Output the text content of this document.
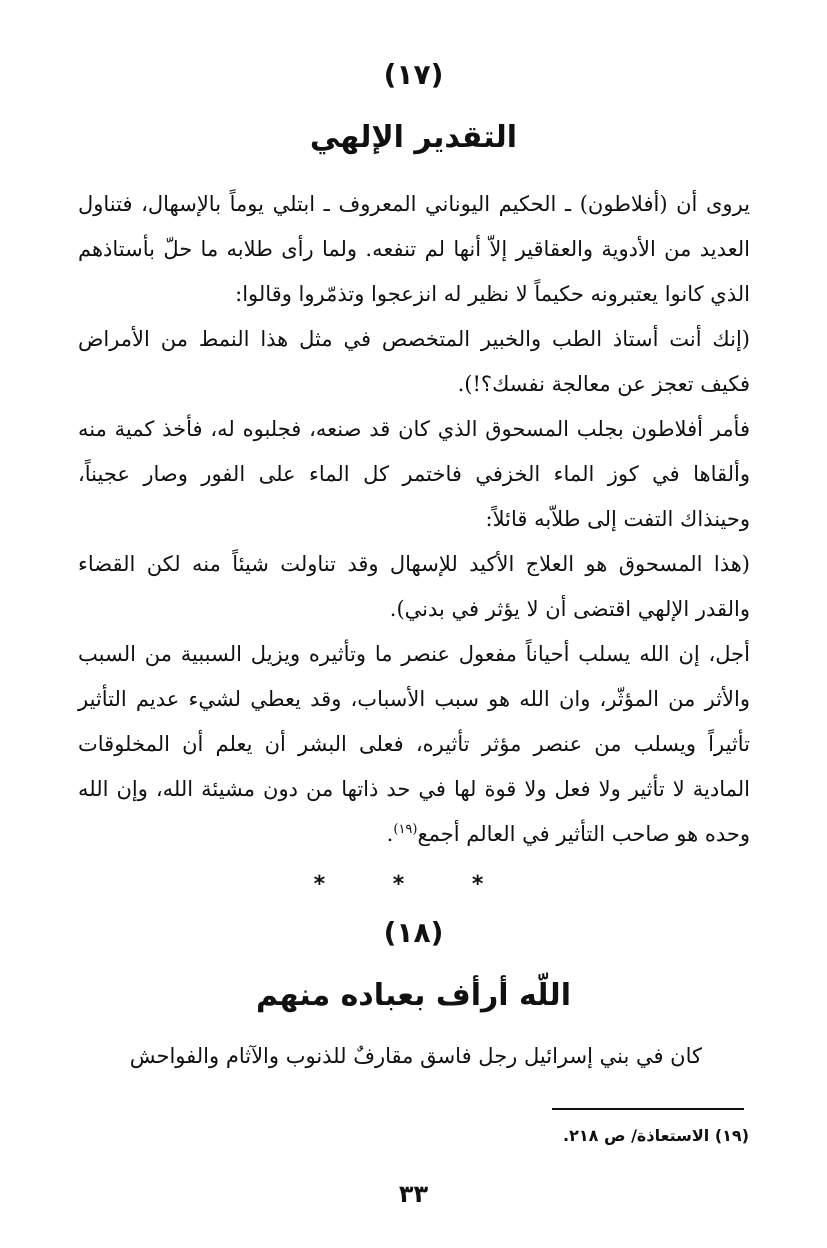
(١٧)
التقدير الإلهي

يروى أن (أفلاطون) ـ الحكيم اليوناني المعروف ـ ابتلي يوماً بالإسهال، فتناول العديد من الأدوية والعقاقير إلاّ أنها لم تنفعه. ولما رأى طلابه ما حلّ بأستاذهم الذي كانوا يعتبرونه حكيماً لا نظير له انزعجوا وتذمّروا وقالوا:

(إنك أنت أستاذ الطب والخبير المتخصص في مثل هذا النمط من الأمراض فكيف تعجز عن معالجة نفسك؟!).

فأمر أفلاطون بجلب المسحوق الذي كان قد صنعه، فجلبوه له، فأخذ كمية منه وألقاها في كوز الماء الخزفي فاختمر كل الماء على الفور وصار عجيناً، وحينذاك التفت إلى طلاّبه قائلاً:

(هذا المسحوق هو العلاج الأكيد للإسهال وقد تناولت شيئاً منه لكن القضاء والقدر الإلهي اقتضى أن لا يؤثر في بدني).

أجل، إن الله يسلب أحياناً مفعول عنصر ما وتأثيره ويزيل السببية من السبب والأثر من المؤثّر، وان الله هو سبب الأسباب، وقد يعطي لشيء عديم التأثير تأثيراً ويسلب من عنصر مؤثر تأثيره، فعلى البشر أن يعلم أن المخلوقات المادية لا تأثير ولا فعل ولا قوة لها في حد ذاتها من دون مشيئة الله، وإن الله وحده هو صاحب التأثير في العالم أجمع$^{(١٩)}$.

* * *
(١٨)
اللّه أرأف بعباده منهم

كان في بني إسرائيل رجل فاسق مقارفٌ للذنوب والآثام والفواحش

(١٩) الاستعاذة/ ص ٢١٨.
٣٣
